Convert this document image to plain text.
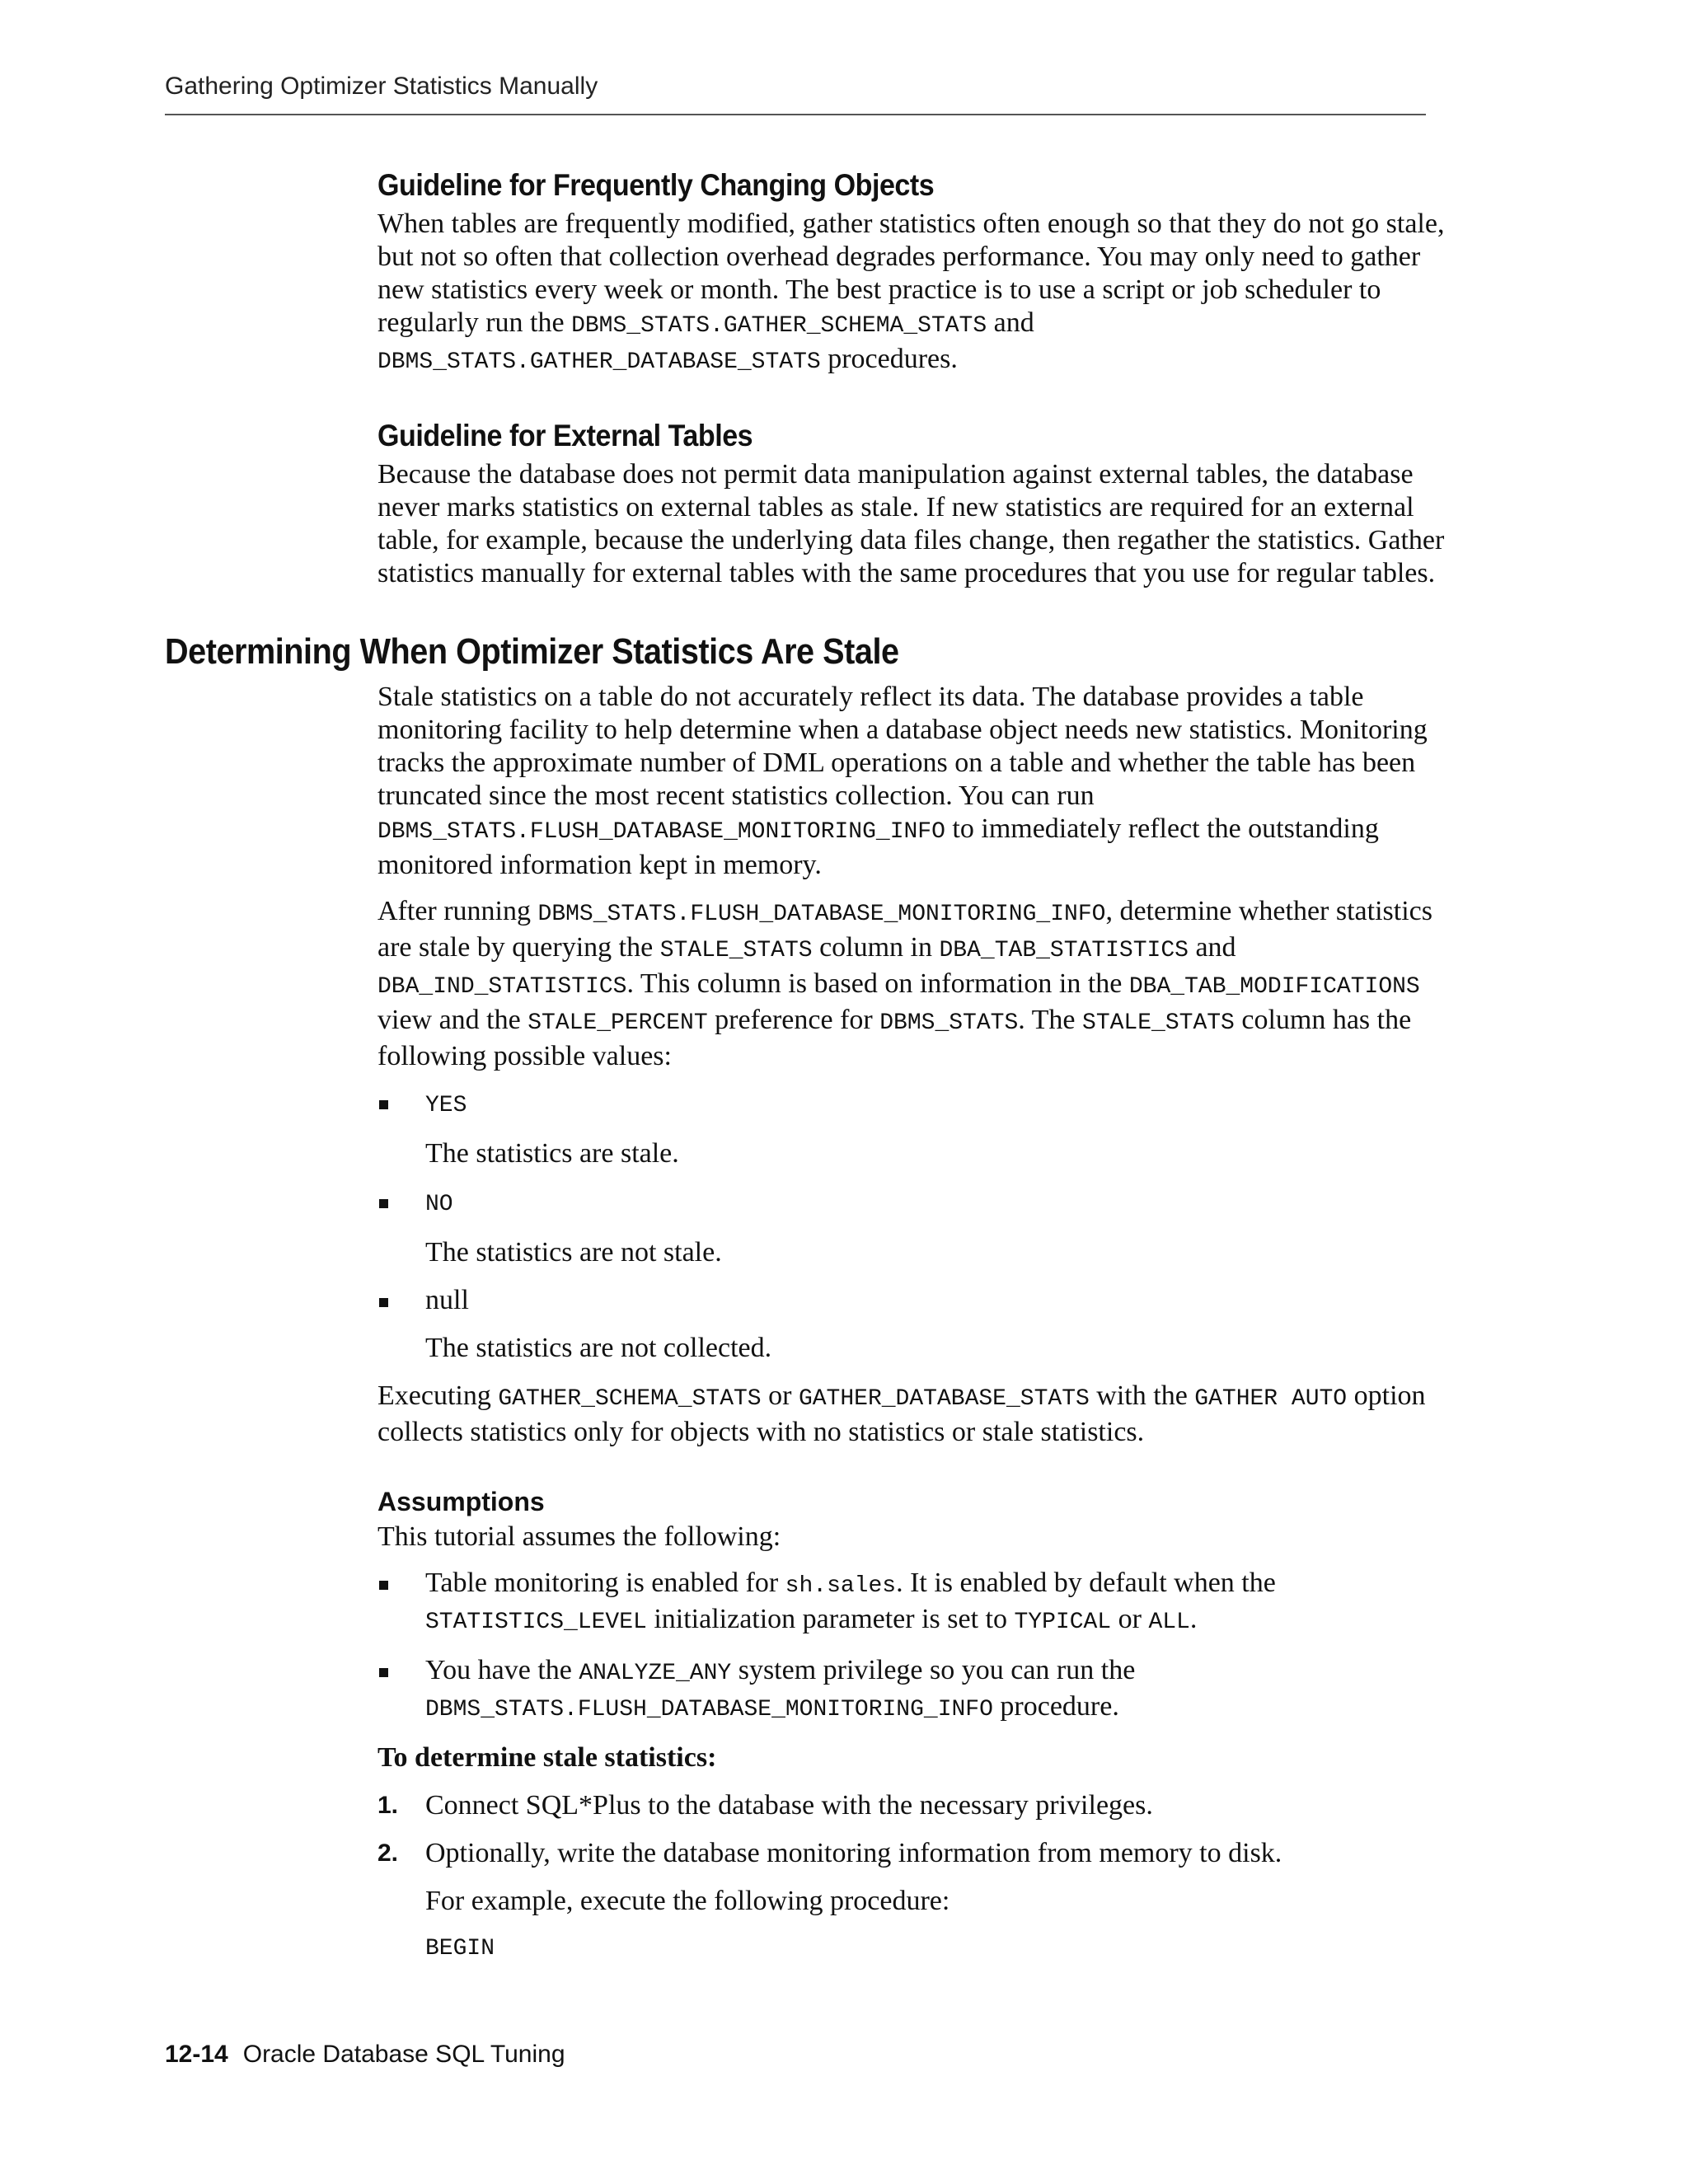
Gathering Optimizer Statistics Manually
Guideline for Frequently Changing Objects

When tables are frequently modified, gather statistics often enough so that they do not go stale, but not so often that collection overhead degrades performance. You may only need to gather new statistics every week or month. The best practice is to use a script or job scheduler to regularly run the DBMS_STATS.GATHER_SCHEMA_STATS and DBMS_STATS.GATHER_DATABASE_STATS procedures.

Guideline for External Tables

Because the database does not permit data manipulation against external tables, the database never marks statistics on external tables as stale. If new statistics are required for an external table, for example, because the underlying data files change, then regather the statistics. Gather statistics manually for external tables with the same procedures that you use for regular tables.

Determining When Optimizer Statistics Are Stale

Stale statistics on a table do not accurately reflect its data. The database provides a table monitoring facility to help determine when a database object needs new statistics. Monitoring tracks the approximate number of DML operations on a table and whether the table has been truncated since the most recent statistics collection. You can run DBMS_STATS.FLUSH_DATABASE_MONITORING_INFO to immediately reflect the outstanding monitored information kept in memory.

After running DBMS_STATS.FLUSH_DATABASE_MONITORING_INFO, determine whether statistics are stale by querying the STALE_STATS column in DBA_TAB_STATISTICS and DBA_IND_STATISTICS. This column is based on information in the DBA_TAB_MODIFICATIONS view and the STALE_PERCENT preference for DBMS_STATS. The STALE_STATS column has the following possible values:

YES
The statistics are stale.
NO
The statistics are not stale.
null
The statistics are not collected.

Executing GATHER_SCHEMA_STATS or GATHER_DATABASE_STATS with the GATHER AUTO option collects statistics only for objects with no statistics or stale statistics.

Assumptions

This tutorial assumes the following:

Table monitoring is enabled for sh.sales. It is enabled by default when the STATISTICS_LEVEL initialization parameter is set to TYPICAL or ALL.
You have the ANALYZE_ANY system privilege so you can run the DBMS_STATS.FLUSH_DATABASE_MONITORING_INFO procedure.

To determine stale statistics:

1. Connect SQL*Plus to the database with the necessary privileges.
2. Optionally, write the database monitoring information from memory to disk.
For example, execute the following procedure:
BEGIN
12-14 Oracle Database SQL Tuning
